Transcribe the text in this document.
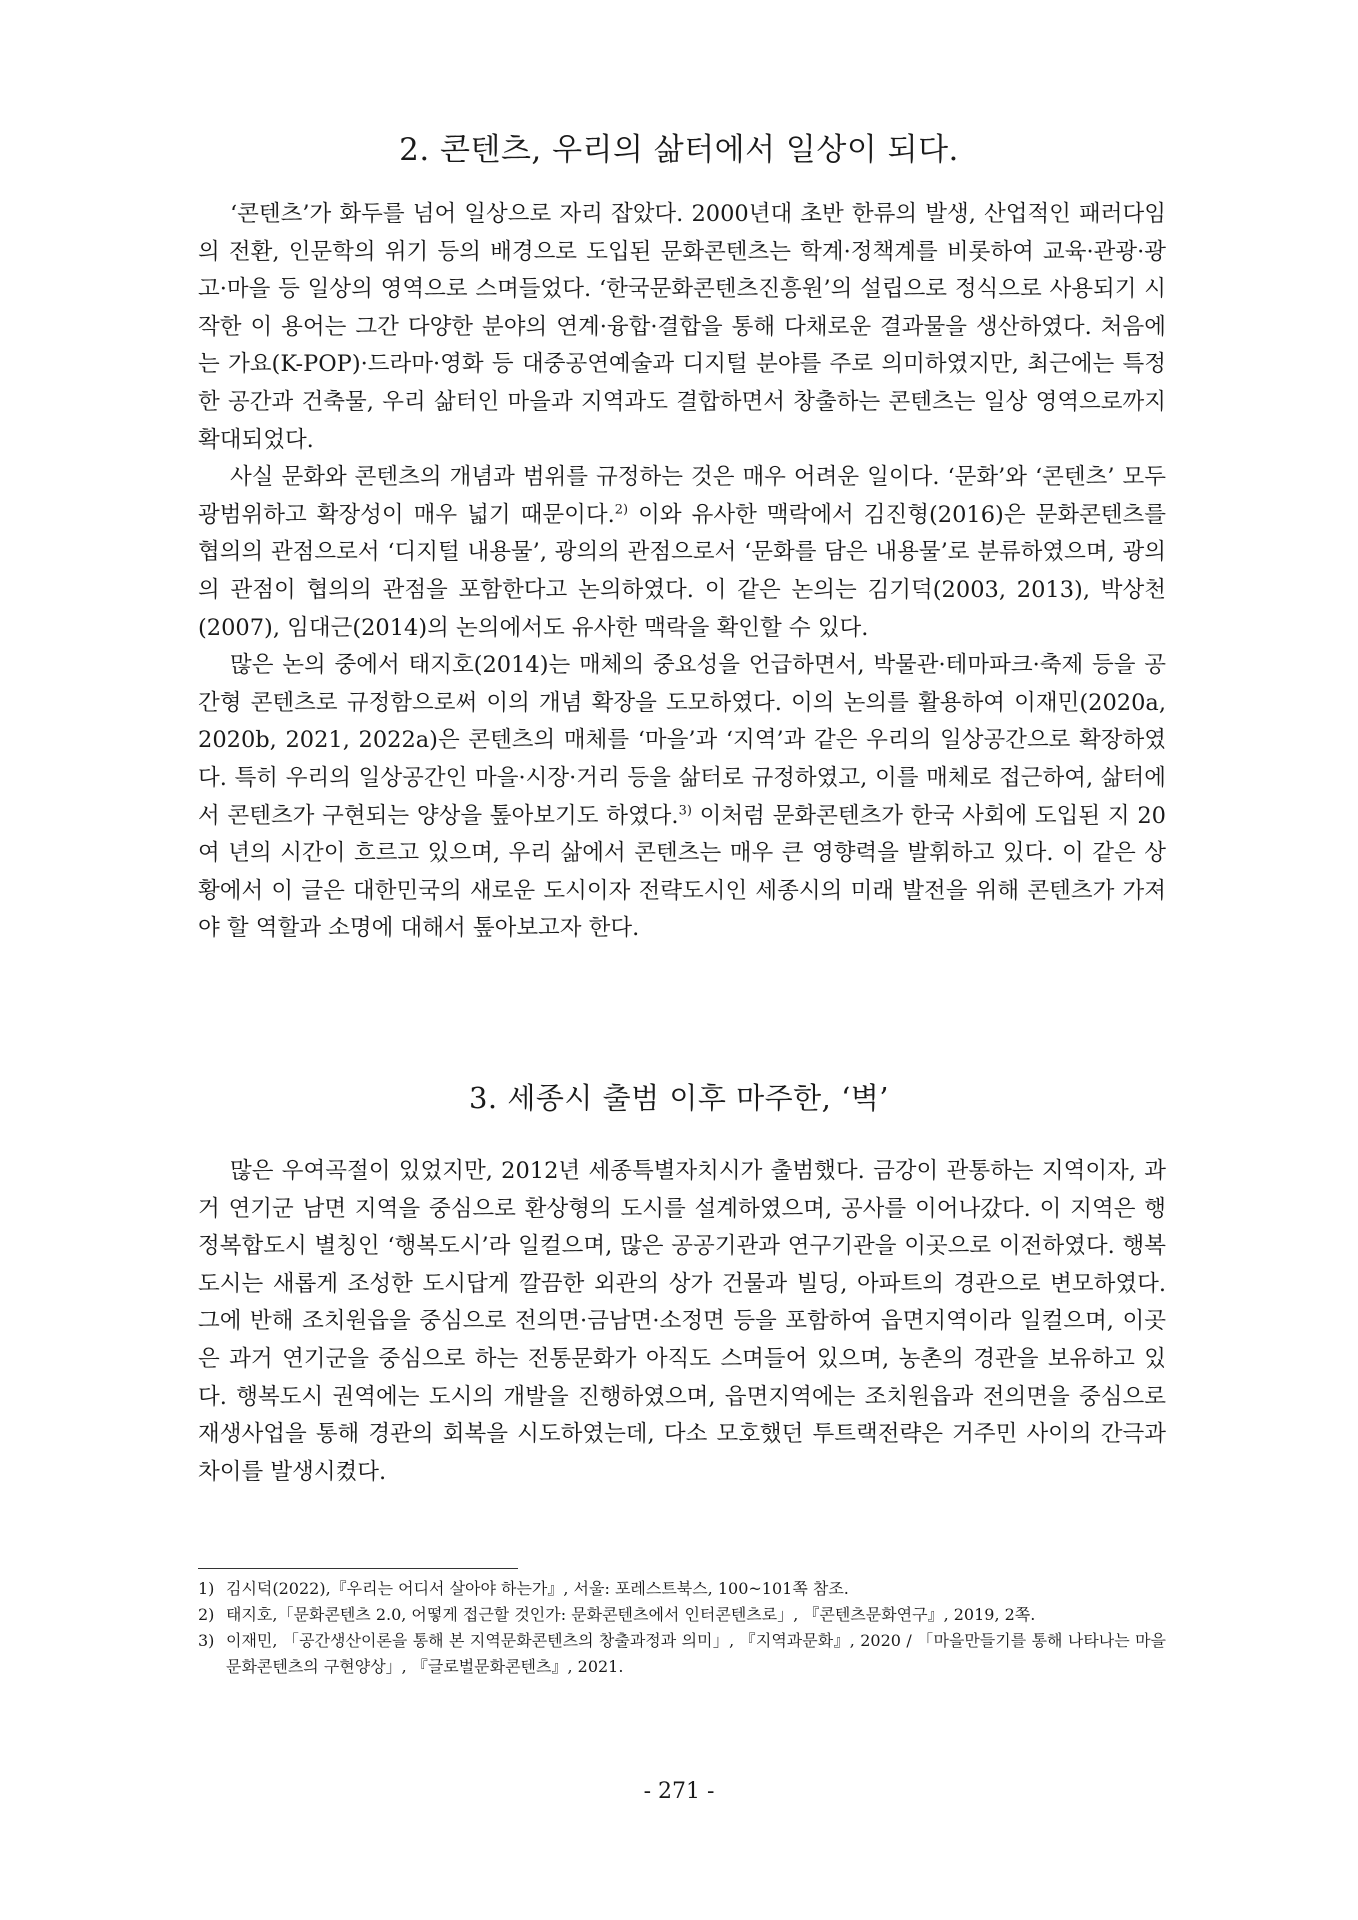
2. 콘텐츠, 우리의 삶터에서 일상이 되다.

‘콘텐츠’가 화두를 넘어 일상으로 자리 잡았다. 2000년대 초반 한류의 발생, 산업적인 패러다임의 전환, 인문학의 위기 등의 배경으로 도입된 문화콘텐츠는 학계·정책계를 비롯하여 교육·관광·광고·마을 등 일상의 영역으로 스며들었다. ‘한국문화콘텐츠진흥원’의 설립으로 정식으로 사용되기 시작한 이 용어는 그간 다양한 분야의 연계·융합·결합을 통해 다채로운 결과물을 생산하였다. 처음에는 가요(K-POP)·드라마·영화 등 대중공연예술과 디지털 분야를 주로 의미하였지만, 최근에는 특정한 공간과 건축물, 우리 삶터인 마을과 지역과도 결합하면서 창출하는 콘텐츠는 일상 영역으로까지 확대되었다.

사실 문화와 콘텐츠의 개념과 범위를 규정하는 것은 매우 어려운 일이다. ‘문화’와 ‘콘텐츠’ 모두 광범위하고 확장성이 매우 넓기 때문이다.$^{2)}$ 이와 유사한 맥락에서 김진형(2016)은 문화콘텐츠를 협의의 관점으로서 ‘디지털 내용물’, 광의의 관점으로서 ‘문화를 담은 내용물’로 분류하였으며, 광의의 관점이 협의의 관점을 포함한다고 논의하였다. 이 같은 논의는 김기덕(2003, 2013), 박상천(2007), 임대근(2014)의 논의에서도 유사한 맥락을 확인할 수 있다.

많은 논의 중에서 태지호(2014)는 매체의 중요성을 언급하면서, 박물관·테마파크·축제 등을 공간형 콘텐츠로 규정함으로써 이의 개념 확장을 도모하였다. 이의 논의를 활용하여 이재민(2020a, 2020b, 2021, 2022a)은 콘텐츠의 매체를 ‘마을’과 ‘지역’과 같은 우리의 일상공간으로 확장하였다. 특히 우리의 일상공간인 마을·시장·거리 등을 삶터로 규정하였고, 이를 매체로 접근하여, 삶터에서 콘텐츠가 구현되는 양상을 톺아보기도 하였다.$^{3)}$ 이처럼 문화콘텐츠가 한국 사회에 도입된 지 20여 년의 시간이 흐르고 있으며, 우리 삶에서 콘텐츠는 매우 큰 영향력을 발휘하고 있다. 이 같은 상황에서 이 글은 대한민국의 새로운 도시이자 전략도시인 세종시의 미래 발전을 위해 콘텐츠가 가져야 할 역할과 소명에 대해서 톺아보고자 한다.

3. 세종시 출범 이후 마주한, ‘벽’

많은 우여곡절이 있었지만, 2012년 세종특별자치시가 출범했다. 금강이 관통하는 지역이자, 과거 연기군 남면 지역을 중심으로 환상형의 도시를 설계하였으며, 공사를 이어나갔다. 이 지역은 행정복합도시 별칭인 ‘행복도시’라 일컬으며, 많은 공공기관과 연구기관을 이곳으로 이전하였다. 행복도시는 새롭게 조성한 도시답게 깔끔한 외관의 상가 건물과 빌딩, 아파트의 경관으로 변모하였다. 그에 반해 조치원읍을 중심으로 전의면·금남면·소정면 등을 포함하여 읍면지역이라 일컬으며, 이곳은 과거 연기군을 중심으로 하는 전통문화가 아직도 스며들어 있으며, 농촌의 경관을 보유하고 있다. 행복도시 권역에는 도시의 개발을 진행하였으며, 읍면지역에는 조치원읍과 전의면을 중심으로 재생사업을 통해 경관의 회복을 시도하였는데, 다소 모호했던 투트랙전략은 거주민 사이의 간극과 차이를 발생시켰다.

1) 김시덕(2022),『우리는 어디서 살아야 하는가』, 서울: 포레스트북스, 100~101쪽 참조.
2) 태지호,「문화콘텐츠 2.0, 어떻게 접근할 것인가: 문화콘텐츠에서 인터콘텐츠로」, 『콘텐츠문화연구』, 2019, 2쪽.
3) 이재민, 「공간생산이론을 통해 본 지역문화콘텐츠의 창출과정과 의미」, 『지역과문화』, 2020 / 「마을만들기를 통해 나타나는 마을문화콘텐츠의 구현양상」, 『글로벌문화콘텐츠』, 2021.
- 271 -
